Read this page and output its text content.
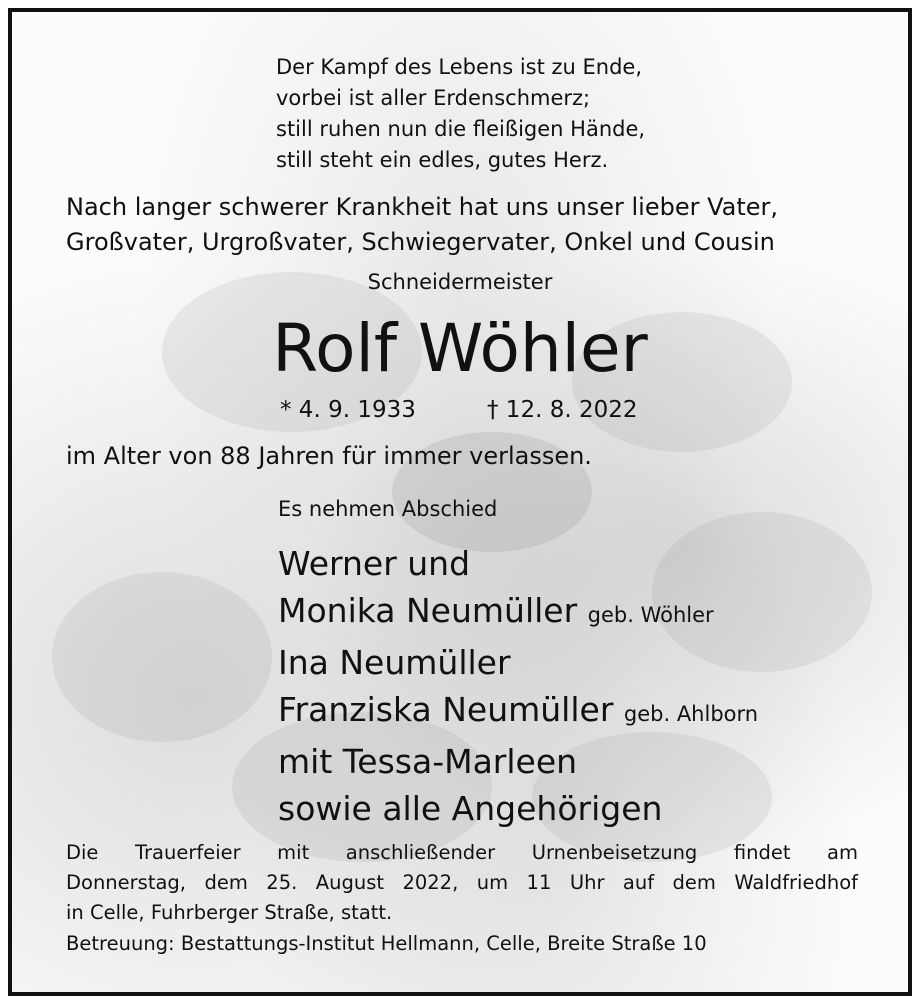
Der Kampf des Lebens ist zu Ende,
vorbei ist aller Erdenschmerz;
still ruhen nun die fleißigen Hände,
still steht ein edles, gutes Herz.
Nach langer schwerer Krankheit hat uns unser lieber Vater,
Großvater, Urgroßvater, Schwiegervater, Onkel und Cousin
Schneidermeister
Rolf Wöhler
* 4. 9. 1933	† 12. 8. 2022
im Alter von 88 Jahren für immer verlassen.
Es nehmen Abschied
Werner und
Monika Neumüller geb. Wöhler
Ina Neumüller
Franziska Neumüller geb. Ahlborn
mit Tessa-Marleen
sowie alle Angehörigen
Die Trauerfeier mit anschließender Urnenbeisetzung findet am
Donnerstag, dem 25. August 2022, um 11 Uhr auf dem Waldfriedhof
in Celle, Fuhrberger Straße, statt.
Betreuung: Bestattungs-Institut Hellmann, Celle, Breite Straße 10
